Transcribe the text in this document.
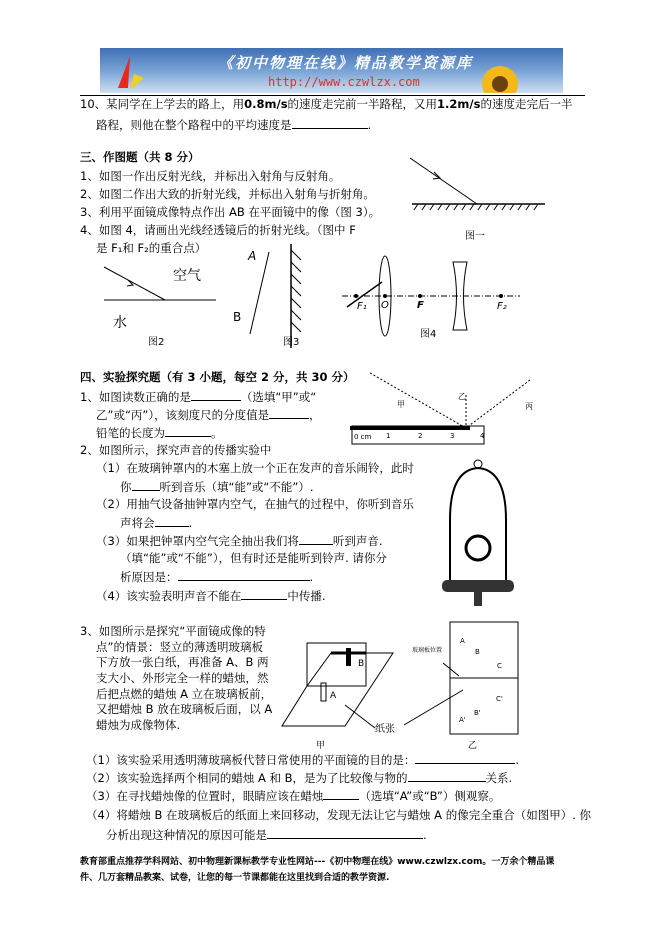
《初中物理在线》精品教学资源库
http://www.czwlzx.com
10、某同学在上学去的路上，用0.8m/s的速度走完前一半路程，又用1.2m/s的速度走完后一半
路程，则他在整个路程中的平均速度是	.
三、作图题（共 8 分）
1、如图一作出反射光线，并标出入射角与反射角。
2、如图二作出大致的折射光线，并标出入射角与折射角。
3、利用平面镜成像特点作出 AB 在平面镜中的像（图 3）。
4、如图 4，请画出光线经透镜后的折射光线。（图中 F
是 F₁和 F₂的重合点）
图一
图2	图3
图4
空气
水
A
B
F₁ O	F	F₂
四、实验探究题（有 3 小题，每空 2 分，共 30 分）
1、如图读数正确的是	（选填“甲”或“
乙”或“丙”），该刻度尺的分度值是	，
铅笔的长度为	。
甲
乙
丙
0 cm 1	2	3	4
2、如图所示，探究声音的传播实验中
（1）在玻璃钟罩内的木塞上放一个正在发声的音乐闹铃，此时
你 听到音乐（填“能”或“不能”）.
（2）用抽气设备抽钟罩内空气，在抽气的过程中，你听到音乐
声将会	.
（3）如果把钟罩内空气完全抽出我们将	听到声音.
（填“能”或“不能”），但有时还是能听到铃声. 请你分
析原因是：	.
（4）该实验表明声音不能在	中传播.
3、如图所示是探究“平面镜成像的特
点”的情景：竖立的薄透明玻璃板
下方放一张白纸，再准备 A、B 两
支大小、外形完全一样的蜡烛，然
后把点燃的蜡烛 A 立在玻璃板前，
又把蜡烛 B 放在玻璃板后面，以 A
蜡烛为成像物体.
B
A
纸张
甲	乙
玻璃板位置
A
B
C
A'
B'
C'
（1）该实验采用透明薄玻璃板代替日常使用的平面镜的目的是：	.
（2）该实验选择两个相同的蜡烛 A 和 B，是为了比较像与物的	关系.
（3）在寻找蜡烛像的位置时，眼睛应该在蜡烛	（选填“A”或“B”）侧观察。
（4）将蜡烛 B 在玻璃板后的纸面上来回移动，发现无法让它与蜡烛 A 的像完全重合（如图甲）. 你
分析出现这种情况的原因可能是	.
教育部重点推荐学科网站、初中物理新课标教学专业性网站---《初中物理在线》www.czwlzx.com。一万余个精品课
件、几万套精品教案、试卷，让您的每一节课都能在这里找到合适的教学资源.
